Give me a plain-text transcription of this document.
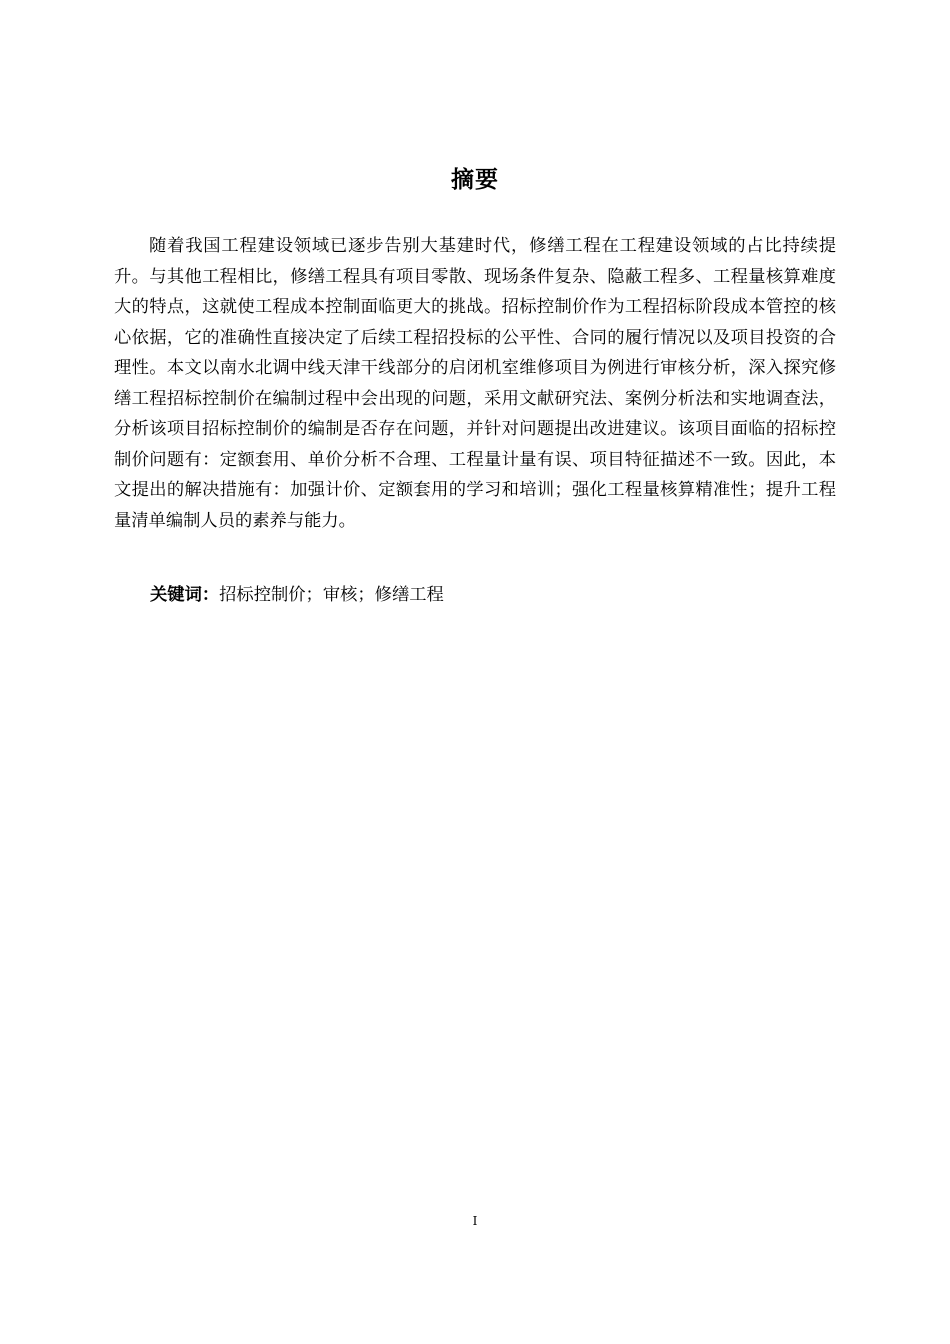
摘要

随着我国工程建设领域已逐步告别大基建时代，修缮工程在工程建设领域的占比持续提升。与其他工程相比，修缮工程具有项目零散、现场条件复杂、隐蔽工程多、工程量核算难度大的特点，这就使工程成本控制面临更大的挑战。招标控制价作为工程招标阶段成本管控的核心依据，它的准确性直接决定了后续工程招投标的公平性、合同的履行情况以及项目投资的合理性。本文以南水北调中线天津干线部分的启闭机室维修项目为例进行审核分析，深入探究修缮工程招标控制价在编制过程中会出现的问题，采用文献研究法、案例分析法和实地调查法，分析该项目招标控制价的编制是否存在问题，并针对问题提出改进建议。该项目面临的招标控制价问题有：定额套用、单价分析不合理、工程量计量有误、项目特征描述不一致。因此，本文提出的解决措施有：加强计价、定额套用的学习和培训；强化工程量核算精准性；提升工程量清单编制人员的素养与能力。

关键词：招标控制价；审核；修缮工程
I
